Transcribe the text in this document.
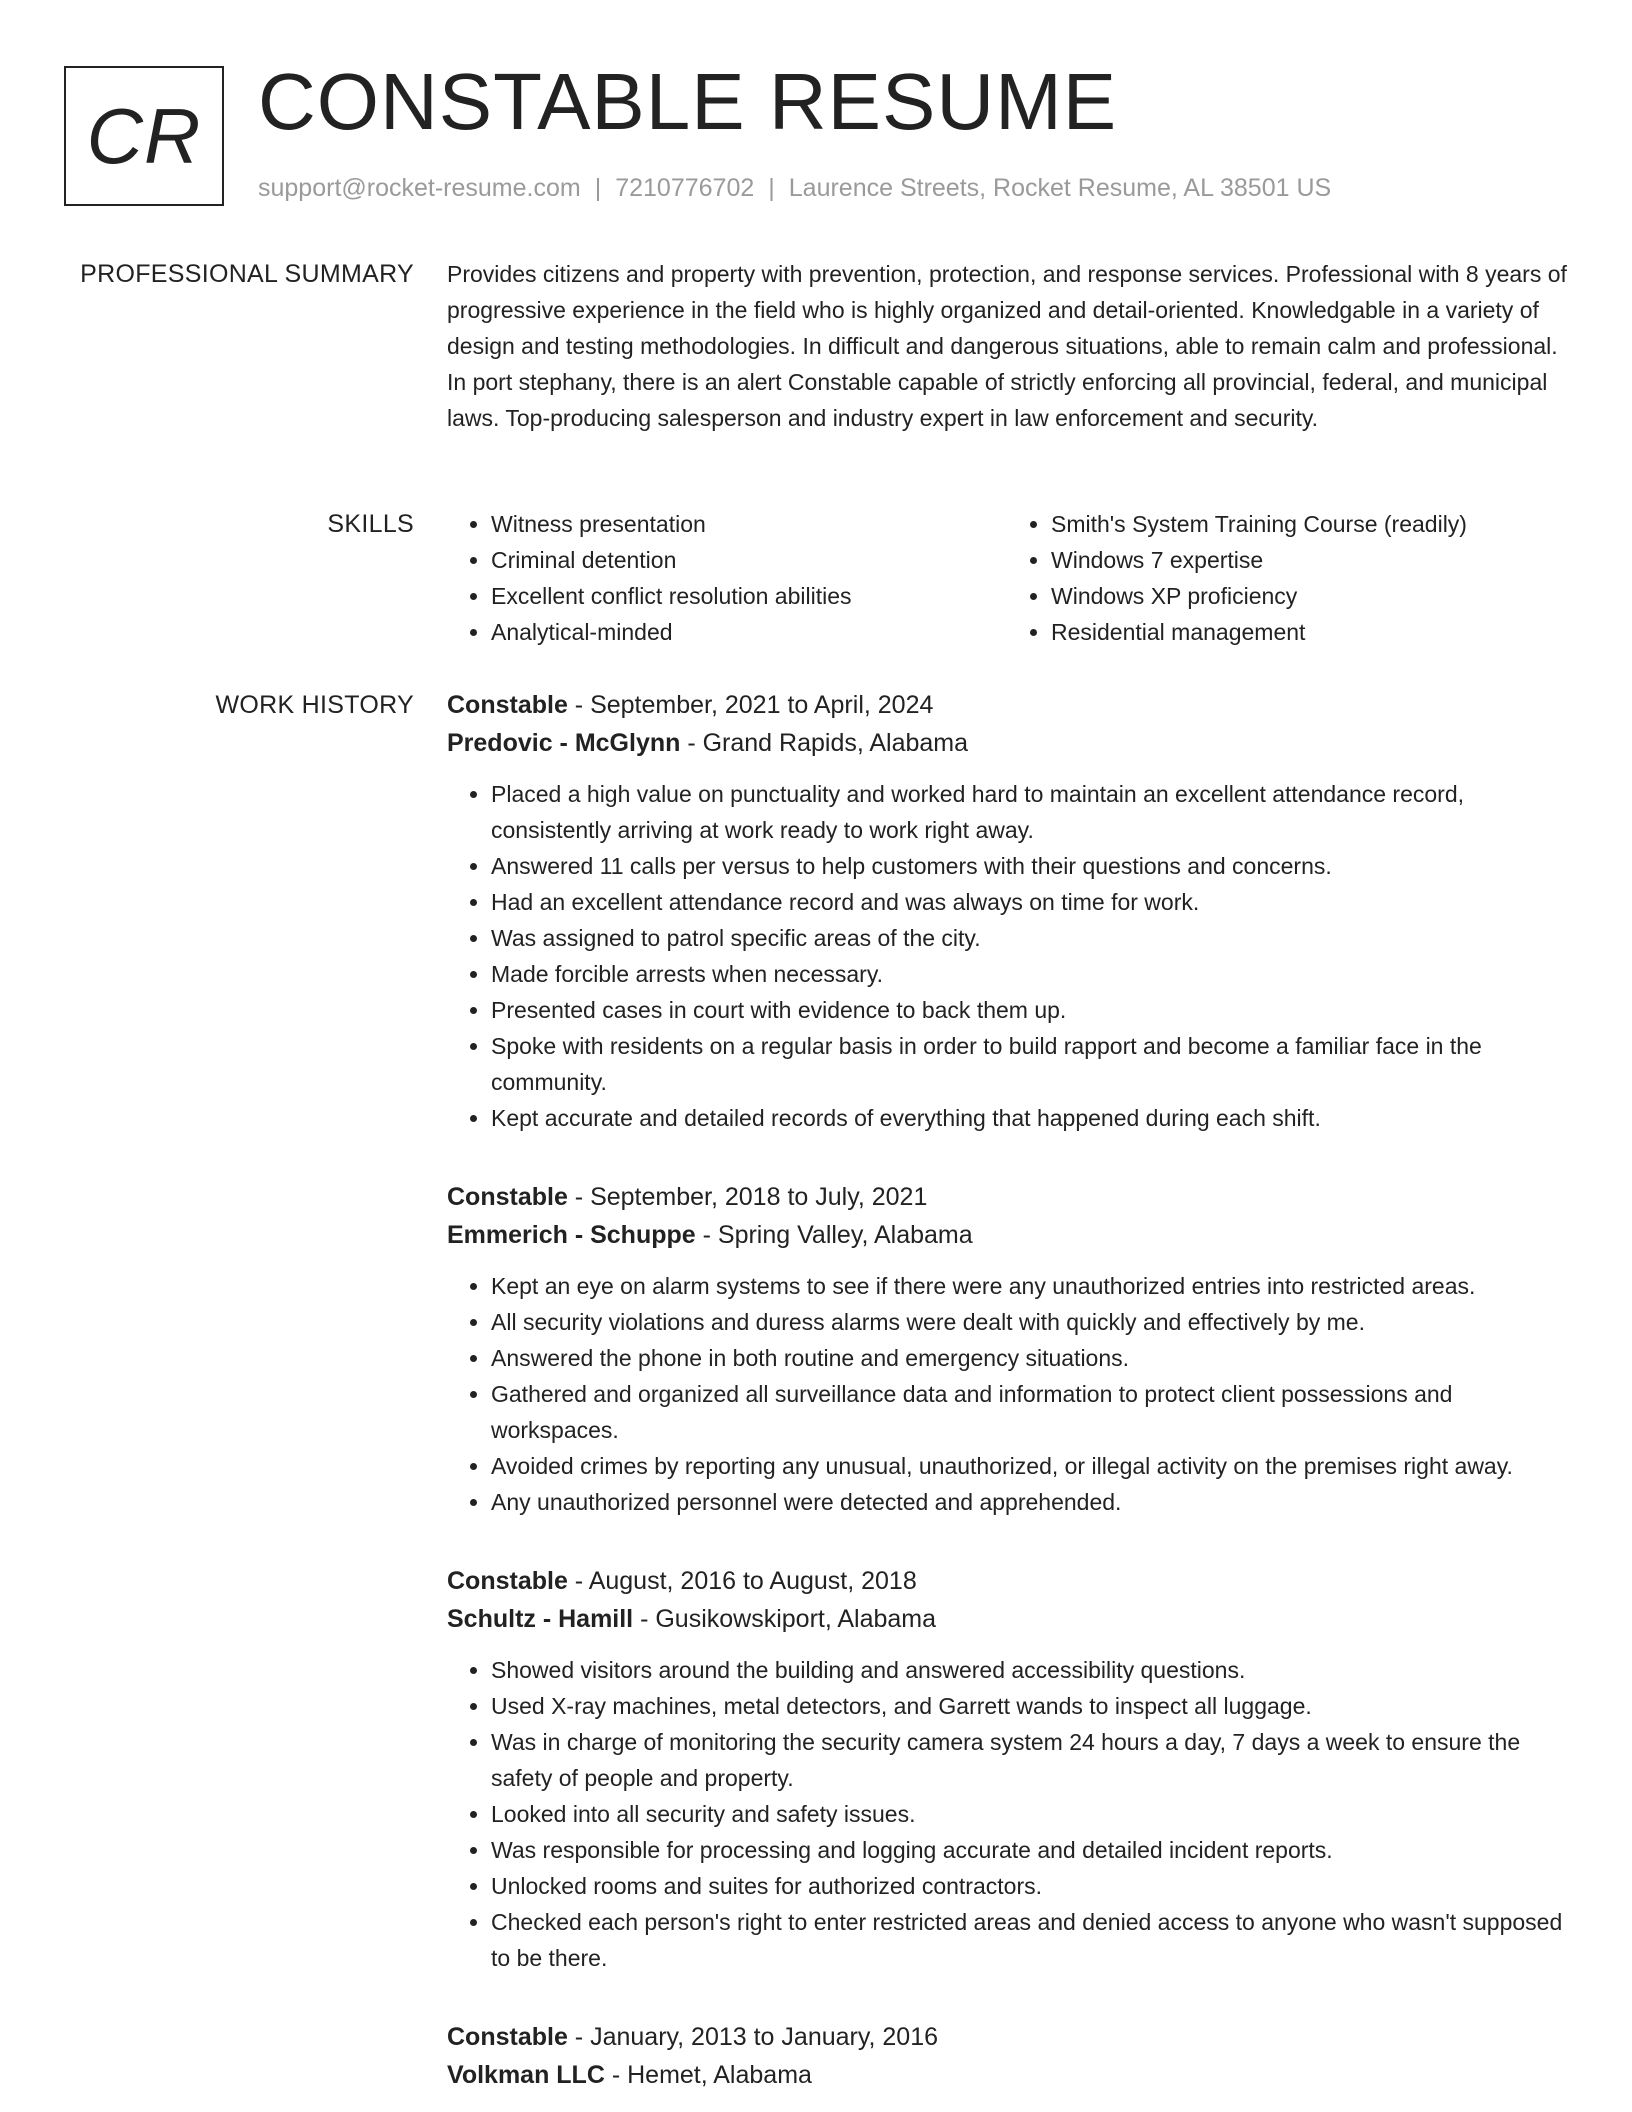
CR CONSTABLE RESUME
support@rocket-resume.com | 7210776702 | Laurence Streets, Rocket Resume, AL 38501 US
PROFESSIONAL SUMMARY Provides citizens and property with prevention, protection, and response services. Professional with 8 years of progressive experience in the field who is highly organized and detail-oriented. Knowledgable in a variety of design and testing methodologies. In difficult and dangerous situations, able to remain calm and professional. In port stephany, there is an alert Constable capable of strictly enforcing all provincial, federal, and municipal laws. Top-producing salesperson and industry expert in law enforcement and security.

SKILLS
•	Witness presentation
• Criminal detention
• Excellent conflict resolution abilities
• Analytical-minded
• Smith's System Training Course (readily)
• Windows 7 expertise
• Windows XP proficiency
• Residential management
WORK HISTORY Constable - September, 2021 to April, 2024
Predovic - McGlynn - Grand Rapids, Alabama
• Placed a high value on punctuality and worked hard to maintain an excellent attendance record, consistently arriving at work ready to work right away.
• Answered 11 calls per versus to help customers with their questions and concerns.
• Had an excellent attendance record and was always on time for work.
• Was assigned to patrol specific areas of the city.
• Made forcible arrests when necessary.
• Presented cases in court with evidence to back them up.
• Spoke with residents on a regular basis in order to build rapport and become a familiar face in the community.
• Kept accurate and detailed records of everything that happened during each shift.
Constable - September, 2018 to July, 2021
Emmerich - Schuppe - Spring Valley, Alabama
• Kept an eye on alarm systems to see if there were any unauthorized entries into restricted areas.
• All security violations and duress alarms were dealt with quickly and effectively by me.
• Answered the phone in both routine and emergency situations.
• Gathered and organized all surveillance data and information to protect client possessions and workspaces.
• Avoided crimes by reporting any unusual, unauthorized, or illegal activity on the premises right away.
• Any unauthorized personnel were detected and apprehended.
Constable - August, 2016 to August, 2018
Schultz - Hamill - Gusikowskiport, Alabama
• Showed visitors around the building and answered accessibility questions.
• Used X-ray machines, metal detectors, and Garrett wands to inspect all luggage.
• Was in charge of monitoring the security camera system 24 hours a day, 7 days a week to ensure the safety of people and property.
• Looked into all security and safety issues.
• Was responsible for processing and logging accurate and detailed incident reports.
• Unlocked rooms and suites for authorized contractors.
• Checked each person's right to enter restricted areas and denied access to anyone who wasn't supposed to be there.
Constable - January, 2013 to January, 2016
Volkman LLC - Hemet, Alabama
